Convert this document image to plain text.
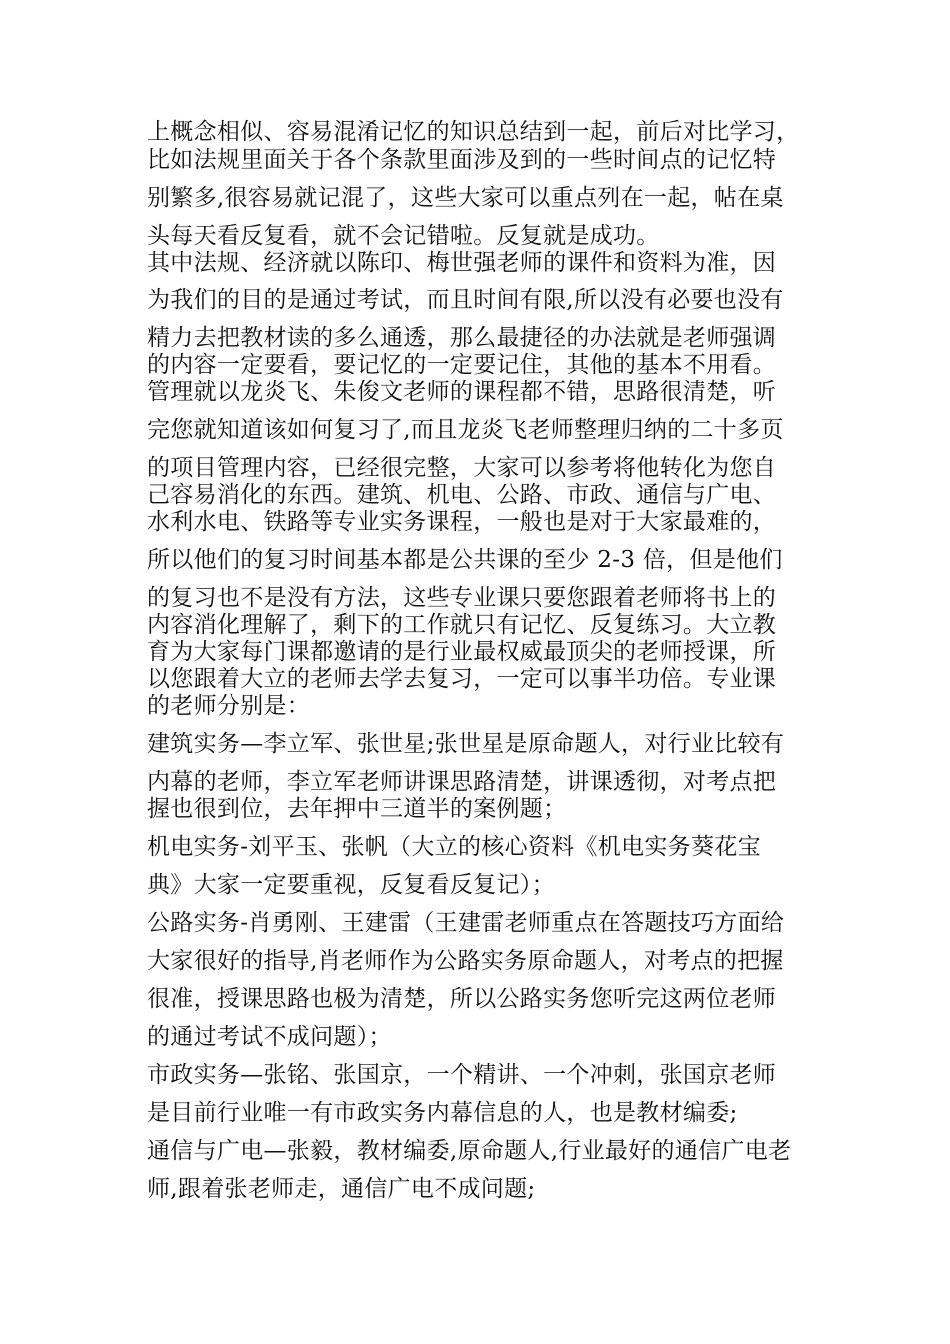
上概念相似、容易混淆记忆的知识总结到一起，前后对比学习，
比如法规里面关于各个条款里面涉及到的一些时间点的记忆特
别繁多,很容易就记混了，这些大家可以重点列在一起，帖在桌
头每天看反复看，就不会记错啦。反复就是成功。
其中法规、经济就以陈印、梅世强老师的课件和资料为准，因
为我们的目的是通过考试，而且时间有限,所以没有必要也没有
精力去把教材读的多么通透，那么最捷径的办法就是老师强调
的内容一定要看，要记忆的一定要记住，其他的基本不用看。
管理就以龙炎飞、朱俊文老师的课程都不错，思路很清楚，听
完您就知道该如何复习了,而且龙炎飞老师整理归纳的二十多页
的项目管理内容，已经很完整，大家可以参考将他转化为您自
己容易消化的东西。建筑、机电、公路、市政、通信与广电、
水利水电、铁路等专业实务课程，一般也是对于大家最难的，
所以他们的复习时间基本都是公共课的至少 2-3 倍，但是他们
的复习也不是没有方法，这些专业课只要您跟着老师将书上的
内容消化理解了，剩下的工作就只有记忆、反复练习。大立教
育为大家每门课都邀请的是行业最权威最顶尖的老师授课，所
以您跟着大立的老师去学去复习，一定可以事半功倍。专业课
的老师分别是：
建筑实务—李立军、张世星;张世星是原命题人，对行业比较有
内幕的老师，李立军老师讲课思路清楚，讲课透彻，对考点把
握也很到位，去年押中三道半的案例题；
机电实务-刘平玉、张帆（大立的核心资料《机电实务葵花宝
典》大家一定要重视，反复看反复记）；
公路实务-肖勇刚、王建雷（王建雷老师重点在答题技巧方面给
大家很好的指导,肖老师作为公路实务原命题人，对考点的把握
很准，授课思路也极为清楚，所以公路实务您听完这两位老师
的通过考试不成问题）；
市政实务—张铭、张国京，一个精讲、一个冲刺，张国京老师
是目前行业唯一有市政实务内幕信息的人，也是教材编委;
通信与广电—张毅，教材编委,原命题人,行业最好的通信广电老
师,跟着张老师走，通信广电不成问题;
